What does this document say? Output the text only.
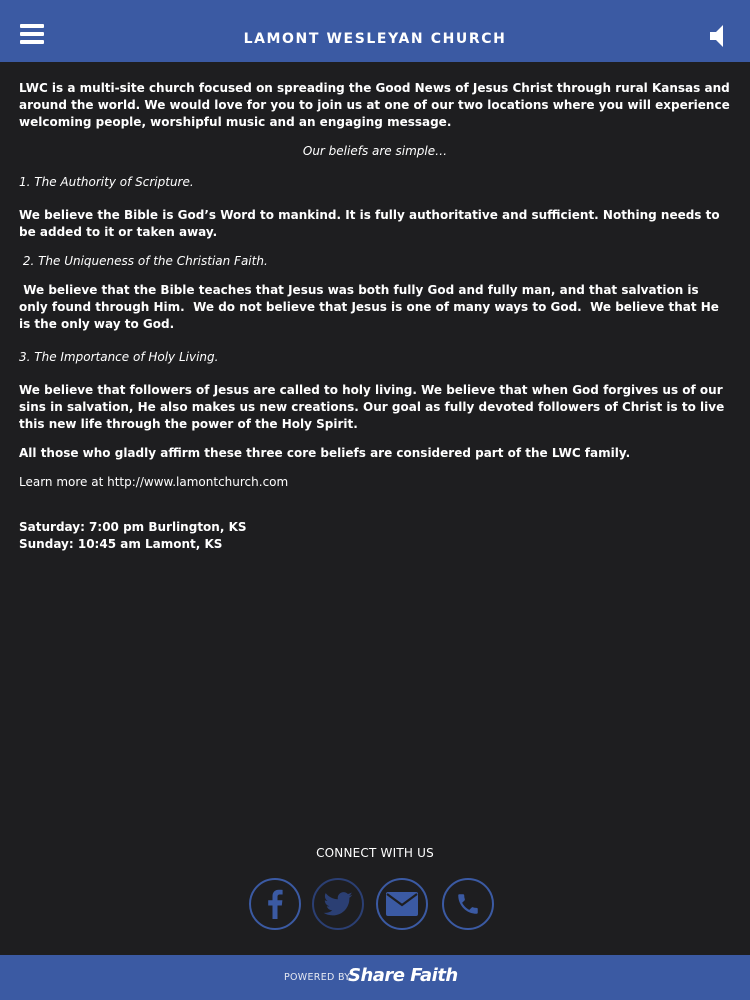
LAMONT WESLEYAN CHURCH

LWC is a multi-site church focused on spreading the Good News of Jesus Christ through rural Kansas and around the world. We would love for you to join us at one of our two locations where you will experience welcoming people, worshipful music and an engaging message.

Our beliefs are simple…

1. The Authority of Scripture.

We believe the Bible is God’s Word to mankind. It is fully authoritative and sufficient. Nothing needs to be added to it or taken away.

2. The Uniqueness of the Christian Faith.

We believe that the Bible teaches that Jesus was both fully God and fully man, and that salvation is only found through Him.  We do not believe that Jesus is one of many ways to God.  We believe that He is the only way to God.

3. The Importance of Holy Living.

We believe that followers of Jesus are called to holy living. We believe that when God forgives us of our sins in salvation, He also makes us new creations. Our goal as fully devoted followers of Christ is to live this new life through the power of the Holy Spirit.

All those who gladly affirm these three core beliefs are considered part of the LWC family.

Learn more at http://www.lamontchurch.com

Saturday: 7:00 pm Burlington, KS

Sunday: 10:45 am Lamont, KS

CONNECT WITH US
POWERED BY
Share Faith
